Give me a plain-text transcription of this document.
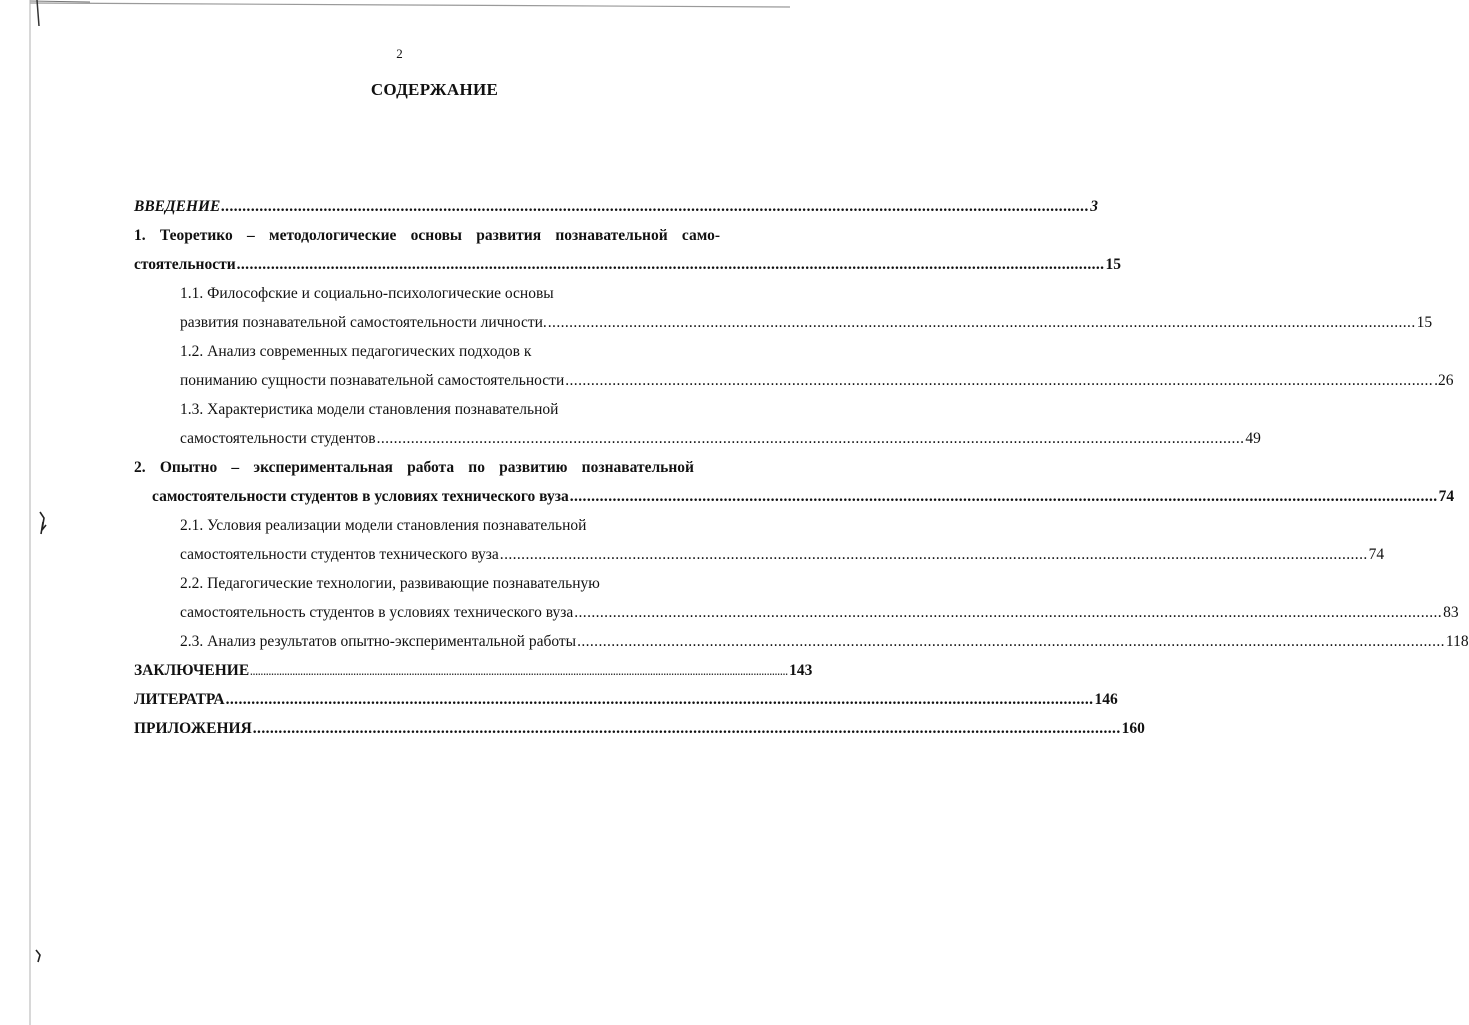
2
СОДЕРЖАНИЕ
ВВЕДЕНИЕ ........................................................................................................................................................................................................... 3
1. Теоретико – методологические основы развития познавательной само-
стоятельности ........................................................................................................................................................................................................... 15
1.1. Философские и социально-психологические основы
развития познавательной самостоятельности личности. ........................................................................................................................................................................................................... 15
1.2. Анализ современных педагогических подходов к
пониманию сущности познавательной самостоятельности ........................................................................................................................................................................................................... .26
1.3. Характеристика модели становления познавательной
самостоятельности студентов ........................................................................................................................................................................................................... 49
2. Опытно – экспериментальная работа по развитию познавательной
самостоятельности студентов в условиях технического вуза ........................................................................................................................................................................................................... 74
2.1. Условия реализации модели становления познавательной
самостоятельности студентов технического вуза ........................................................................................................................................................................................................... 74
2.2. Педагогические технологии, развивающие познавательную
самостоятельность студентов в условиях технического вуза ........................................................................................................................................................................................................... 83
2.3. Анализ результатов опытно-экспериментальной работы ........................................................................................................................................................................................................... 118
ЗАКЛЮЧЕНИЕ ........................................................................................................................................................................................................... 143
ЛИТЕРАТРА ........................................................................................................................................................................................................... 146
ПРИЛОЖЕНИЯ ........................................................................................................................................................................................................... 160
